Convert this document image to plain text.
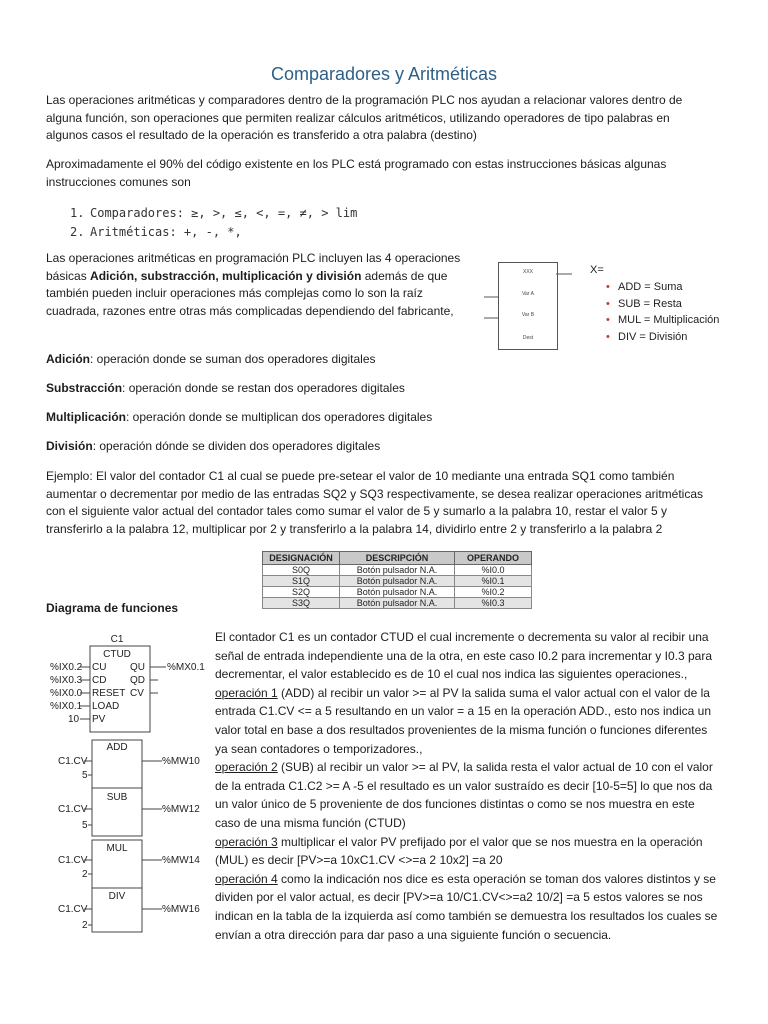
Comparadores y Aritméticas
Las operaciones aritméticas y comparadores dentro de la programación PLC nos ayudan a relacionar valores dentro de alguna función, son operaciones que permiten realizar cálculos aritméticos, utilizando operadores de tipo palabras en algunos casos el resultado de la operación es transferido a otra palabra (destino)
Aproximadamente el 90% del código existente en los PLC está programado con estas instrucciones básicas algunas instrucciones comunes son
1. Comparadores: ≥, >, ≤, <, =, ≠, > lim
2. Aritméticas: +, -, *,
Las operaciones aritméticas en programación PLC incluyen las 4 operaciones básicas Adición, substracción, multiplicación y división además de que también pueden incluir operaciones más complejas como lo son la raíz cuadrada, razones entre otras más complicadas dependiendo del fabricante,
XXX
Var A
Var B
Dest
X=
• ADD = Suma
• SUB = Resta
• MUL = Multiplicación
• DIV = División
Adición: operación donde se suman dos operadores digitales
Substracción: operación donde se restan dos operadores digitales
Multiplicación: operación donde se multiplican dos operadores digitales
División: operación dónde se dividen dos operadores digitales
Ejemplo: El valor del contador C1 al cual se puede pre-setear el valor de 10 mediante una entrada SQ1 como también aumentar o decrementar por medio de las entradas SQ2 y SQ3 respectivamente, se desea realizar operaciones aritméticas con el siguiente valor actual del contador tales como sumar el valor de 5 y sumarlo a la palabra 10, restar el valor 5 y transferirlo a la palabra 12, multiplicar por 2 y transferirlo a la palabra 14, dividirlo entre 2 y transferirlo a la palabra 2
DESIGNACIÓN	DESCRIPCIÓN	OPERANDO
S0Q	Botón pulsador N.A.	%I0.0
S1Q	Botón pulsador N.A.	%I0.1
S2Q	Botón pulsador N.A.	%I0.2
S3Q	Botón pulsador N.A.	%I0.3
Diagrama de funciones
C1
CTUD
%IX0.2 CU
%IX0.3 CD
%IX0.0 RESET
%IX0.1 LOAD
10 PV
QU %MX0.1
QD
CV
ADD
C1.CV
5
%MW10
SUB
C1.CV
5
%MW12
MUL
C1.CV
2
%MW14
DIV
C1.CV
2
%MW16
El contador C1 es un contador CTUD el cual incremente o decrementa su valor al recibir una señal de entrada independiente una de la otra, en este caso I0.2 para incrementar y I0.3 para decrementar, el valor establecido es de 10 el cual nos indica las siguientes operaciones.,
operación 1 (ADD) al recibir un valor >= al PV la salida suma el valor actual con el valor de la entrada C1.CV <= a 5 resultando en un valor = a 15 en la operación ADD., esto nos indica un valor total en base a dos resultados provenientes de la misma función o funciones diferentes ya sean contadores o temporizadores.,
operación 2 (SUB) al recibir un valor >= al PV, la salida resta el valor actual de 10 con el valor de la entrada C1.C2 >= A -5 el resultado es un valor sustraído es decir [10-5=5] lo que nos da un valor único de 5 proveniente de dos funciones distintas o como se nos muestra en este caso de una misma función (CTUD)
operación 3 multiplicar el valor PV prefijado por el valor que se nos muestra en la operación (MUL) es decir [PV>=a 10xC1.CV <>=a 2 10x2] =a 20
operación 4 como la indicación nos dice es esta operación se toman dos valores distintos y se dividen por el valor actual, es decir [PV>=a 10/C1.CV<>=a2 10/2] =a 5 estos valores se nos indican en la tabla de la izquierda así como también se demuestra los resultados los cuales se envían a otra dirección para dar paso a una siguiente función o secuencia.
